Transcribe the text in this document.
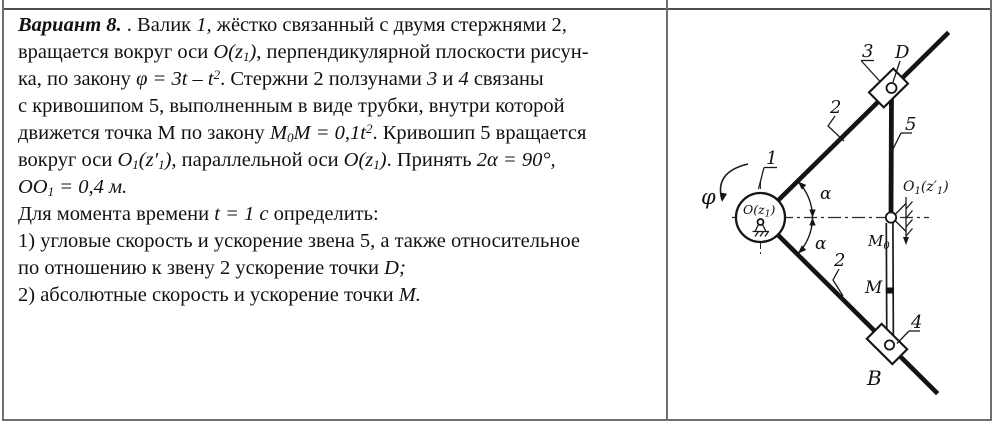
Вариант 8. . Валик 1, жёстко связанный с двумя стержнями 2,
вращается вокруг оси O(z1), перпендикулярной плоскости рисун-
ка, по закону $\varphi = 3t - t^2$. Стержни 2 ползунами 3 и 4 связаны
с кривошипом 5, выполненным в виде трубки, внутри которой
движется точка М по закону $M0M = 0,1t^2$. Кривошип 5 вращается
вокруг оси O1(z′1), параллельной оси O(z1). Принять 2α = 90°,
OO1 = 0,4 м.
Для момента времени t = 1 с определить:
1) угловые скорость и ускорение звена 5, а также относительное
по отношению к звену 2 ускорение точки D;
2) абсолютные скорость и ускорение точки M.
α
α
$O(z_1)$
φ
1
2
2
3
4
5
D
B
M
$M_0$
$O_1(z'_1)$
